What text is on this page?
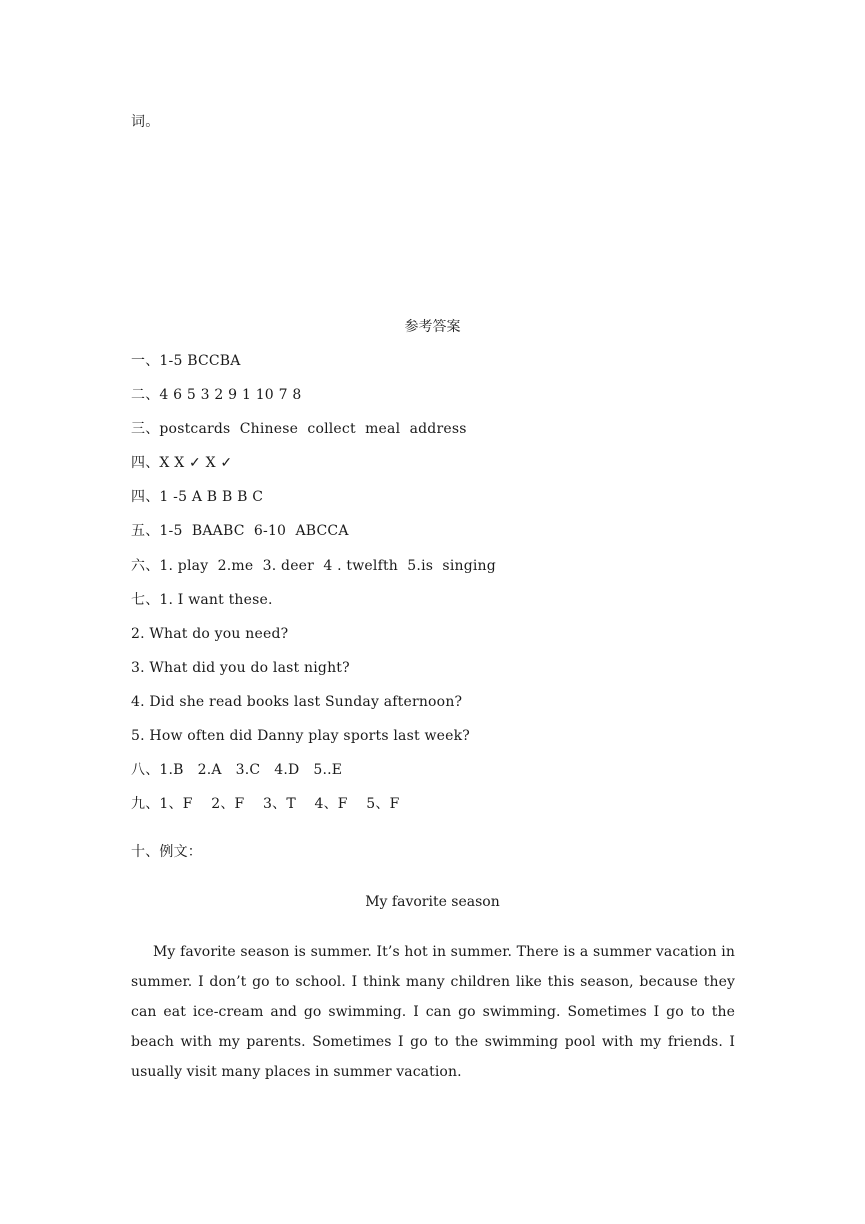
词。
参考答案
一、1-5 BCCBA
二、4 6 5 3 2 9 1 10 7 8
三、postcards  Chinese  collect  meal  address
四、X X ✓ X ✓
四、1 -5 A B B B C
五、1-5  BAABC  6-10  ABCCA
六、1. play  2.me  3. deer  4 . twelfth  5.is  singing
七、1. I want these.
2. What do you need?
3. What did you do last night?
4. Did she read books last Sunday afternoon?
5. How often did Danny play sports last week?
八、1.B   2.A   3.C   4.D   5..E
九、1、F    2、F    3、T    4、F    5、F
十、例文：
My favorite season
My favorite season is summer. It’s hot in summer. There is a summer vacation in summer. I don’t go to school. I think many children like this season, because they can eat ice-cream and go swimming. I can go swimming. Sometimes I go to the beach with my parents. Sometimes I go to the swimming pool with my friends. I usually visit many places in summer vacation.
